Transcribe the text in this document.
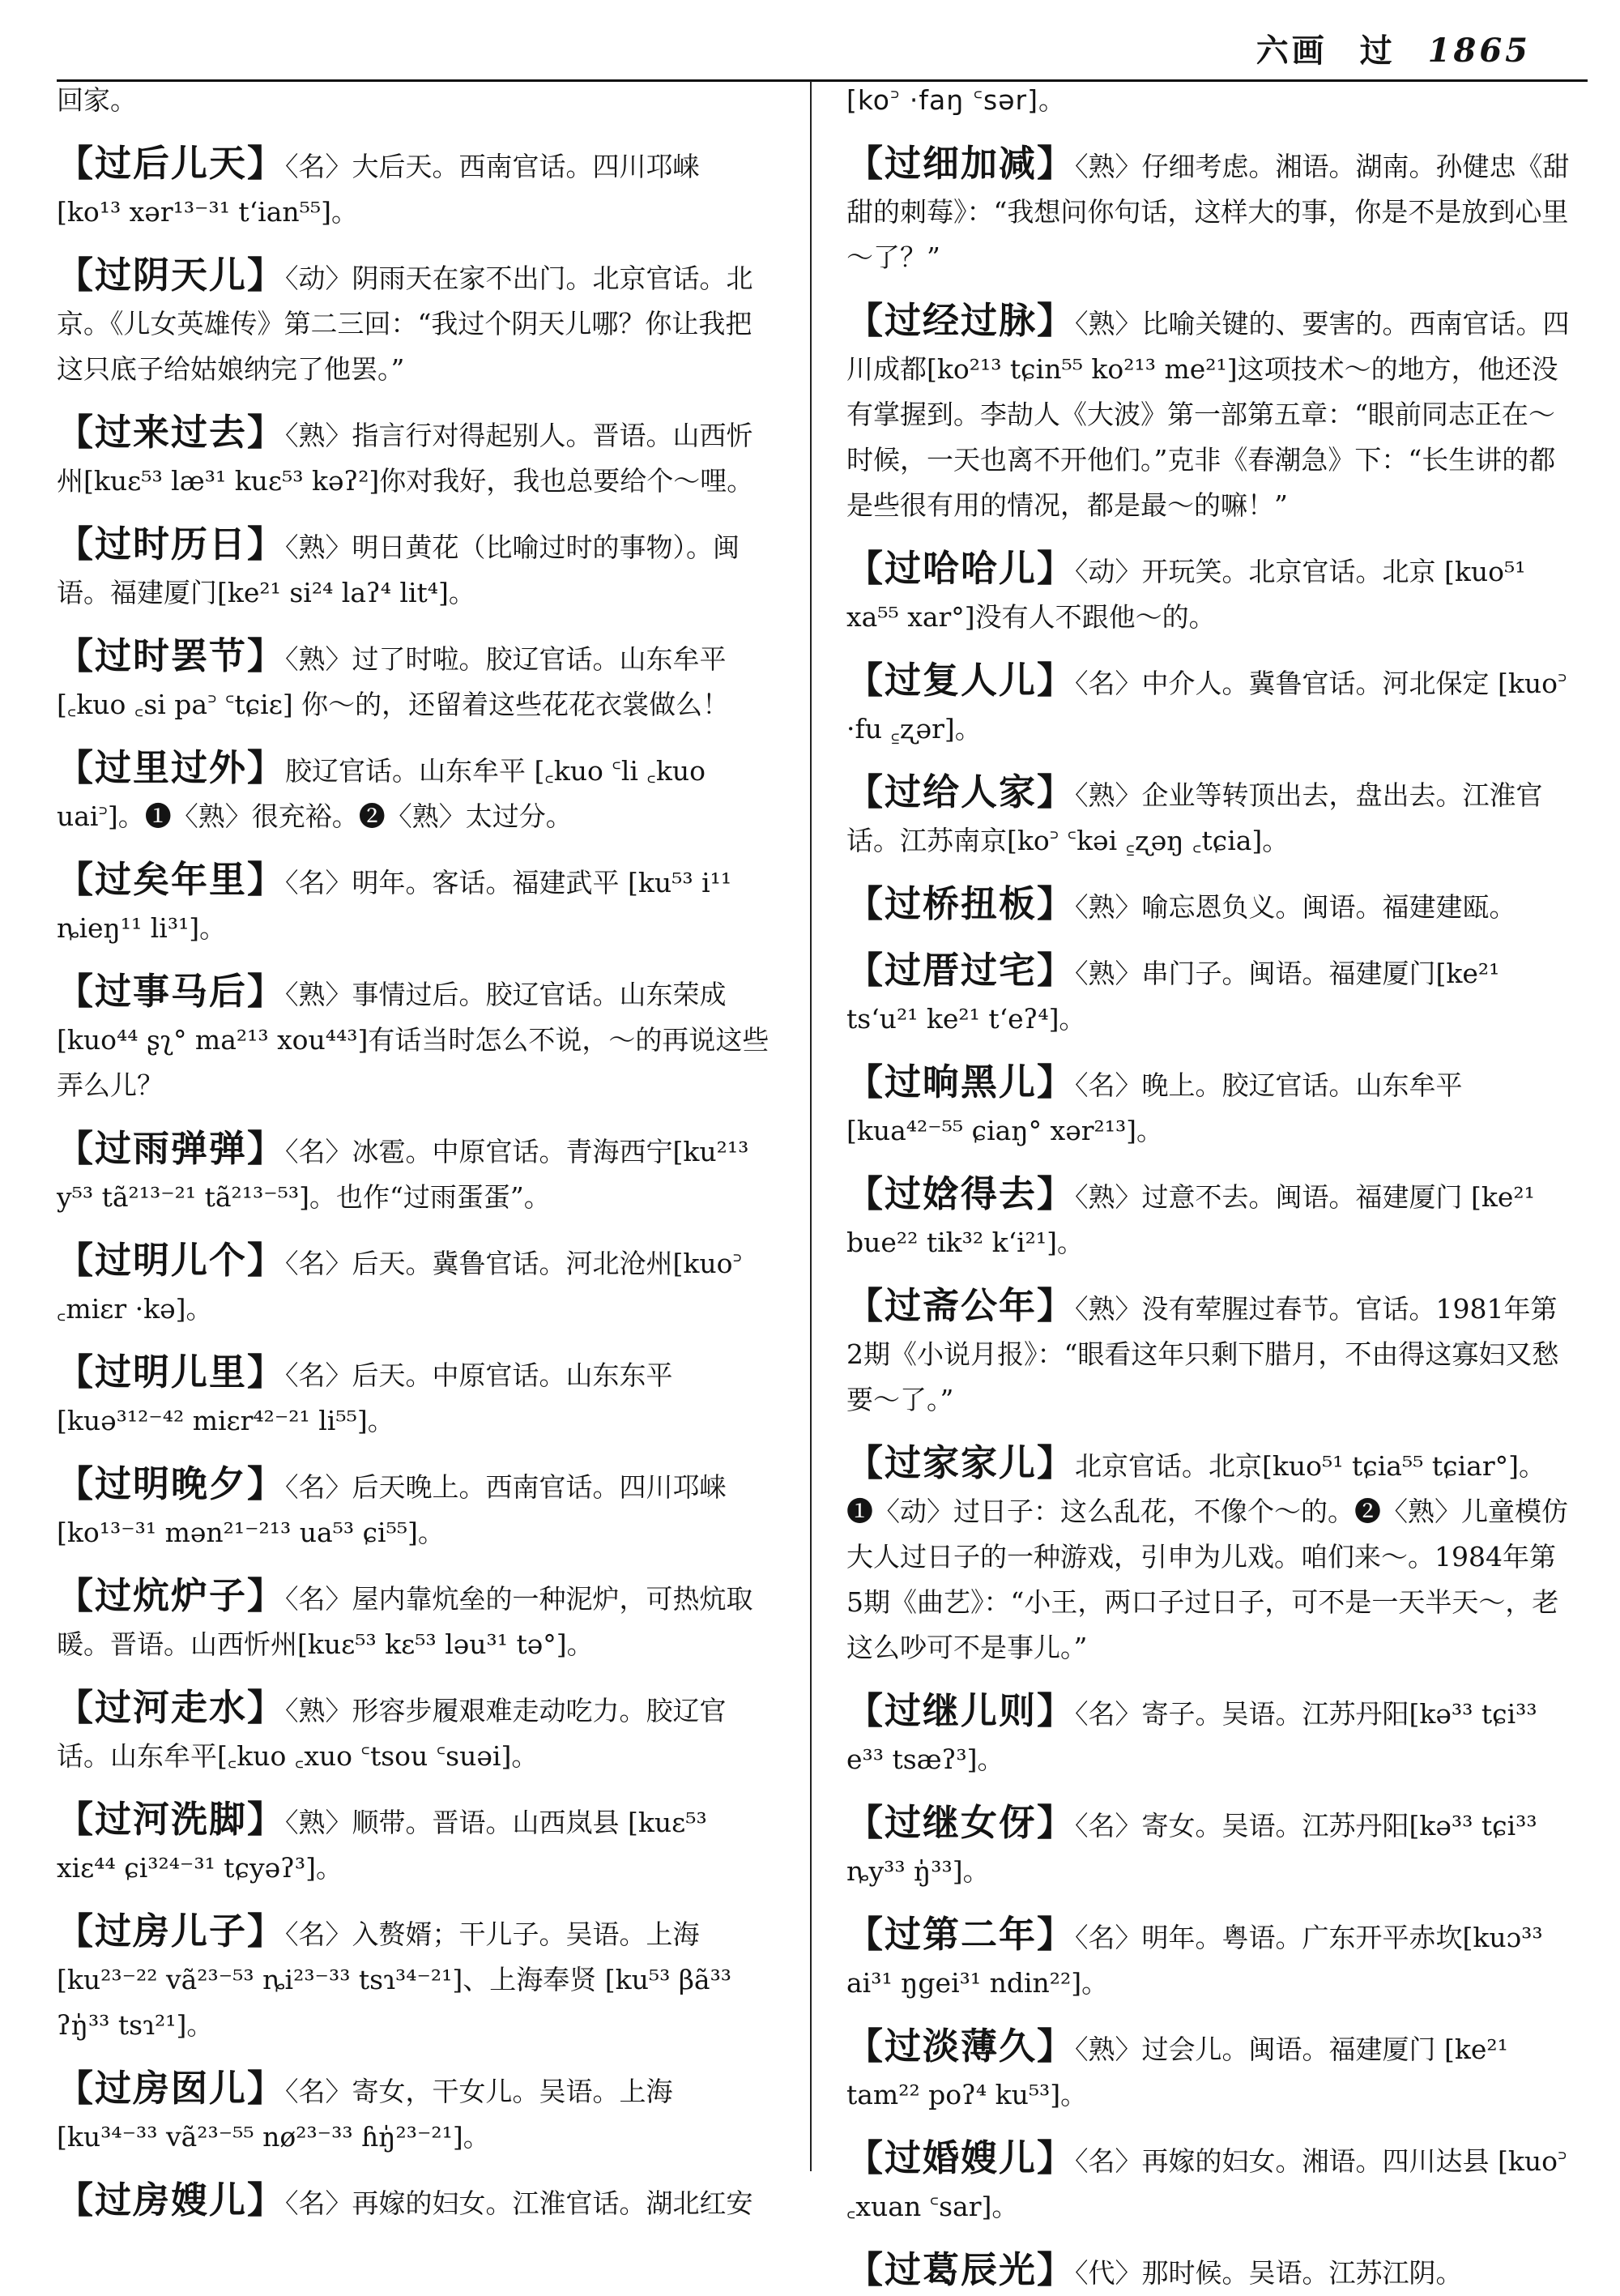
六画 过 1865
回家。
【过后儿天】〈名〉大后天。西南官话。四川邛崃 [ko¹³ xər¹³⁻³¹ tʻian⁵⁵]。
【过阴天儿】〈动〉阴雨天在家不出门。北京官话。北京。《儿女英雄传》第二三回：“我过个阴天儿哪？你让我把这只底子给姑娘纳完了他罢。”
【过来过去】〈熟〉指言行对得起别人。晋语。山西忻州[kuɛ⁵³ læ³¹ kuɛ⁵³ kəʔ²]你对我好，我也总要给个～哩。
【过时历日】〈熟〉明日黄花（比喻过时的事物）。闽语。福建厦门[ke²¹ si²⁴ laʔ⁴ lit⁴]。
【过时罢节】〈熟〉过了时啦。胶辽官话。山东牟平[꜀kuo ꜀si pa꜄ ꜂tɕiɛ] 你～的，还留着这些花花衣裳做么！
【过里过外】胶辽官话。山东牟平 [꜀kuo ꜂li ꜀kuo uai꜄]。❶〈熟〉很充裕。❷〈熟〉太过分。
【过矣年里】〈名〉明年。客话。福建武平 [ku⁵³ i¹¹ ȵieŋ¹¹ li³¹]。
【过事马后】〈熟〉事情过后。胶辽官话。山东荣成 [kuo⁴⁴ ʂʅ° ma²¹³ xou⁴⁴³]有话当时怎么不说，～的再说这些弄么儿？
【过雨弹弹】〈名〉冰雹。中原官话。青海西宁[ku²¹³ y⁵³ tã²¹³⁻²¹ tã²¹³⁻⁵³]。也作“过雨蛋蛋”。
【过明儿个】〈名〉后天。冀鲁官话。河北沧州[kuo꜄ ꜀miɛr ·kə]。
【过明儿里】〈名〉后天。中原官话。山东东平 [kuə³¹²⁻⁴² miɛr⁴²⁻²¹ li⁵⁵]。
【过明晚夕】〈名〉后天晚上。西南官话。四川邛崃 [ko¹³⁻³¹ mən²¹⁻²¹³ ua⁵³ ɕi⁵⁵]。
【过炕炉子】〈名〉屋内靠炕垒的一种泥炉，可热炕取暖。晋语。山西忻州[kuɛ⁵³ kɛ⁵³ ləu³¹ tə°]。
【过河走水】〈熟〉形容步履艰难走动吃力。胶辽官话。山东牟平[꜀kuo ꜀xuo ꜂tsou ꜂suəi]。
【过河洗脚】〈熟〉顺带。晋语。山西岚县 [kuɛ⁵³ xiɛ⁴⁴ ɕi³²⁴⁻³¹ tɕyəʔ³]。
【过房儿子】〈名〉入赘婿；干儿子。吴语。上海 [ku²³⁻²² vã²³⁻⁵³ ȵi²³⁻³³ tsɿ³⁴⁻²¹]、上海奉贤 [ku⁵³ βã³³ ʔŋ̍³³ tsɿ²¹]。
【过房囡儿】〈名〉寄女，干女儿。吴语。上海 [ku³⁴⁻³³ vã²³⁻⁵⁵ nø²³⁻³³ ɦŋ̍²³⁻²¹]。
【过房嫂儿】〈名〉再嫁的妇女。江淮官话。湖北红安
[ko꜄ ·faŋ ꜂sər]。
【过细加减】〈熟〉仔细考虑。湘语。湖南。孙健忠《甜甜的刺莓》：“我想问你句话，这样大的事，你是不是放到心里～了？”
【过经过脉】〈熟〉比喻关键的、要害的。西南官话。四川成都[ko²¹³ tɕin⁵⁵ ko²¹³ me²¹]这项技术～的地方，他还没有掌握到。李劼人《大波》第一部第五章：“眼前同志正在～时候，一天也离不开他们。”克非《春潮急》下：“长生讲的都是些很有用的情况，都是最～的嘛！”
【过哈哈儿】〈动〉开玩笑。北京官话。北京 [kuo⁵¹ xa⁵⁵ xar°]没有人不跟他～的。
【过复人儿】〈名〉中介人。冀鲁官话。河北保定 [kuo꜄ ·fu ꜁ʐər]。
【过给人家】〈熟〉企业等转顶出去，盘出去。江淮官话。江苏南京[ko꜄ ꜂kəi ꜁ʐəŋ ꜀tɕia]。
【过桥扭板】〈熟〉喻忘恩负义。闽语。福建建瓯。
【过厝过宅】〈熟〉串门子。闽语。福建厦门[ke²¹ tsʻu²¹ ke²¹ tʻeʔ⁴]。
【过晌黑儿】〈名〉晚上。胶辽官话。山东牟平 [kua⁴²⁻⁵⁵ ɕiaŋ° xər²¹³]。
【过娢得去】〈熟〉过意不去。闽语。福建厦门 [ke²¹ bue²² tik³² kʻi²¹]。
【过斋公年】〈熟〉没有荤腥过春节。官话。1981年第2期《小说月报》：“眼看这年只剩下腊月，不由得这寡妇又愁要～了。”
【过家家儿】北京官话。北京[kuo⁵¹ tɕia⁵⁵ tɕiar°]。❶〈动〉过日子：这么乱花，不像个～的。❷〈熟〉儿童模仿大人过日子的一种游戏，引申为儿戏。咱们来～。1984年第5期《曲艺》：“小王，两口子过日子，可不是一天半天～，老这么吵可不是事儿。”
【过继儿则】〈名〉寄子。吴语。江苏丹阳[kə³³ tɕi³³ e³³ tsæʔ³]。
【过继女伢】〈名〉寄女。吴语。江苏丹阳[kə³³ tɕi³³ ȵy³³ ŋ̍³³]。
【过第二年】〈名〉明年。粤语。广东开平赤坎[kuɔ³³ ai³¹ ŋgei³¹ ndin²²]。
【过淡薄久】〈熟〉过会儿。闽语。福建厦门 [ke²¹ tam²² poʔ⁴ ku⁵³]。
【过婚嫂儿】〈名〉再嫁的妇女。湘语。四川达县 [kuo꜄ ꜀xuan ꜂sar]。
【过葛辰光】〈代〉那时候。吴语。江苏江阴。
